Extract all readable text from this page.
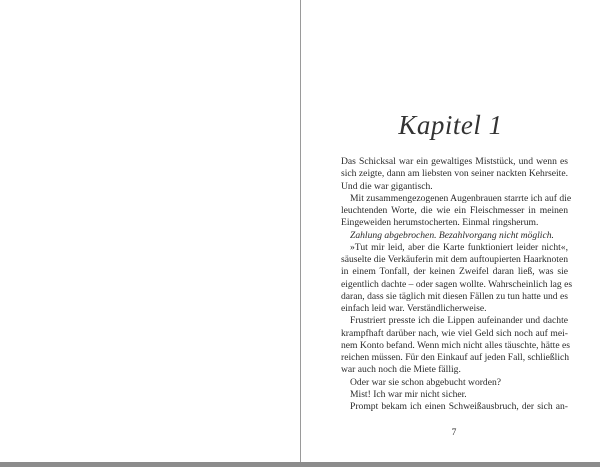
Kapitel 1
Das Schicksal war ein gewaltiges Miststück, und wenn es
sich zeigte, dann am liebsten von seiner nackten Kehrseite.
Und die war gigantisch.
Mit zusammengezogenen Augenbrauen starrte ich auf die
leuchtenden Worte, die wie ein Fleischmesser in meinen
Eingeweiden herumstocherten. Einmal ringsherum.
Zahlung abgebrochen. Bezahlvorgang nicht möglich.
»Tut mir leid, aber die Karte funktioniert leider nicht«,
säuselte die Verkäuferin mit dem auftoupierten Haarknoten
in einem Tonfall, der keinen Zweifel daran ließ, was sie
eigentlich dachte – oder sagen wollte. Wahrscheinlich lag es
daran, dass sie täglich mit diesen Fällen zu tun hatte und es
einfach leid war. Verständlicherweise.
Frustriert presste ich die Lippen aufeinander und dachte
krampfhaft darüber nach, wie viel Geld sich noch auf mei-
nem Konto befand. Wenn mich nicht alles täuschte, hätte es
reichen müssen. Für den Einkauf auf jeden Fall, schließlich
war auch noch die Miete fällig.
Oder war sie schon abgebucht worden?
Mist! Ich war mir nicht sicher.
Prompt bekam ich einen Schweißausbruch, der sich an-
7
